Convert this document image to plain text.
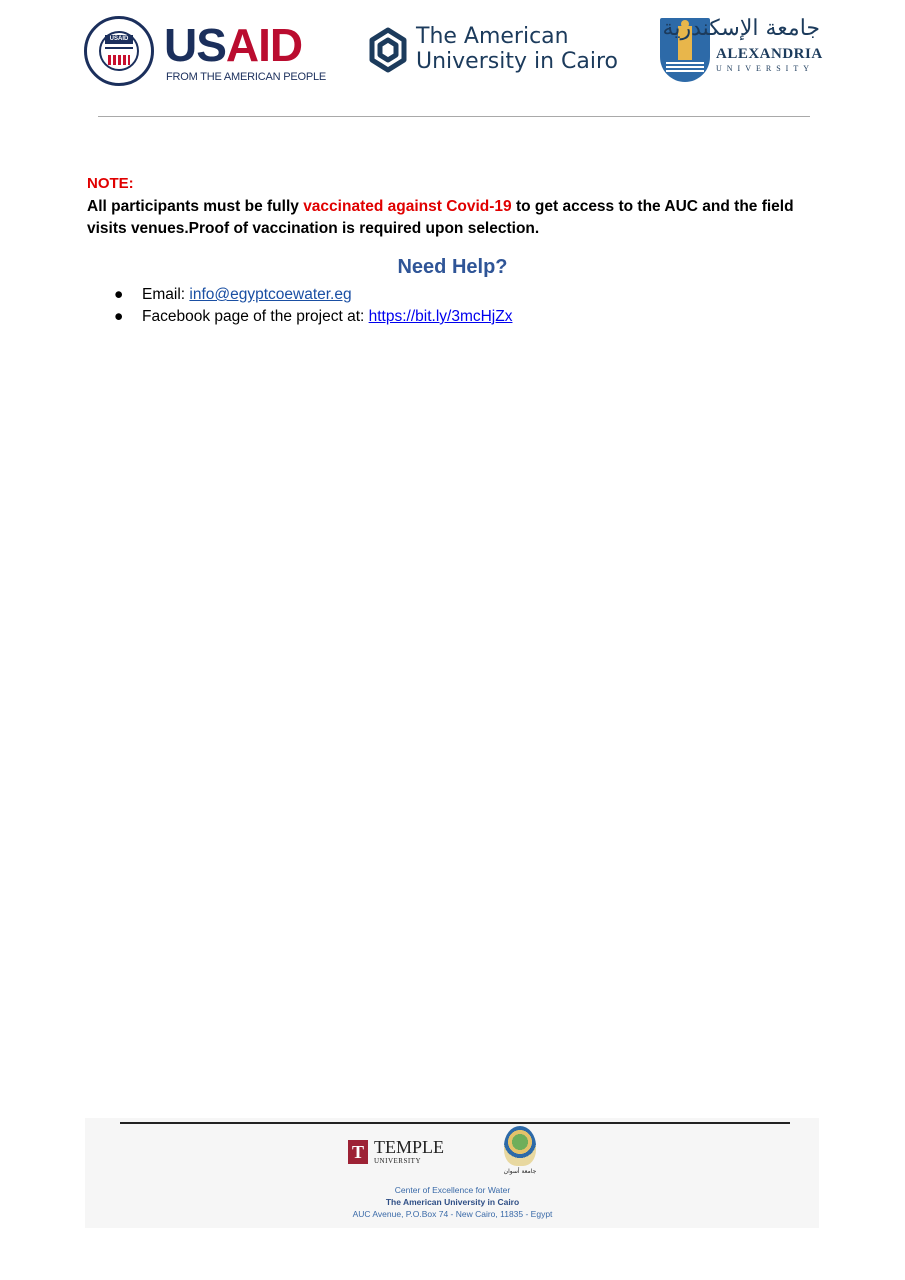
USAID USAID
FROM THE AMERICAN PEOPLE
The American
University in Cairo
جامعة الإسكندرية
ALEXANDRIA
UNIVERSITY
NOTE:
All participants must be fully vaccinated against Covid-19 to get access to the AUC and the field visits venues.Proof of vaccination is required upon selection.
Need Help?
● Email: info@egyptcoewater.eg
● Facebook page of the project at: https://bit.ly/3mcHjZx
T TEMPLE
UNIVERSITY
جامعة أسوان
Center of Excellence for Water
The American University in Cairo
AUC Avenue, P.O.Box 74 - New Cairo, 11835 - Egypt
